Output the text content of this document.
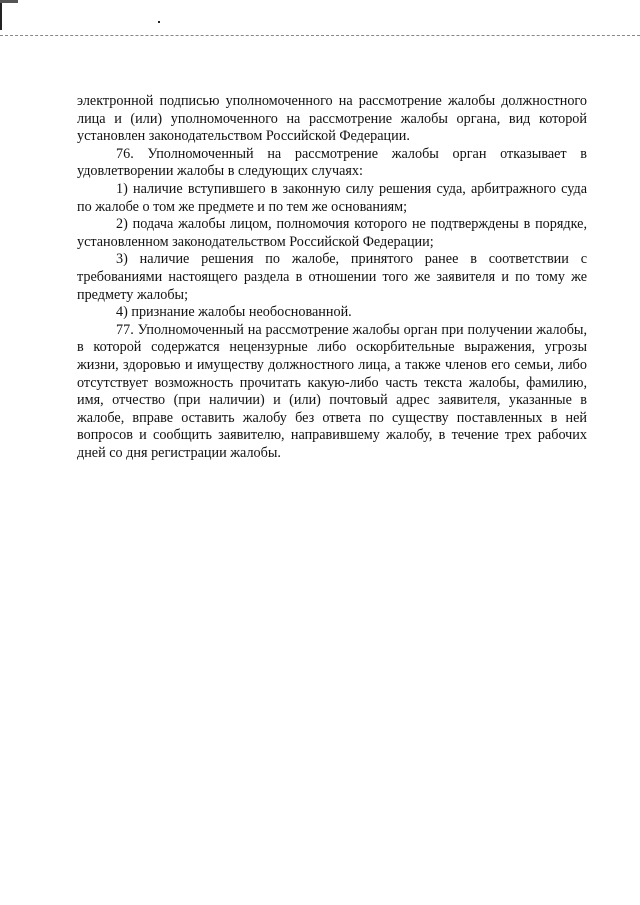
электронной подписью уполномоченного на рассмотрение жалобы должностного лица и (или) уполномоченного на рассмотрение жалобы органа, вид которой установлен законодательством Российской Федерации.

76. Уполномоченный на рассмотрение жалобы орган отказывает в удовлетворении жалобы в следующих случаях:

1) наличие вступившего в законную силу решения суда, арбитражного суда по жалобе о том же предмете и по тем же основаниям;

2) подача жалобы лицом, полномочия которого не подтверждены в порядке, установленном законодательством Российской Федерации;

3) наличие решения по жалобе, принятого ранее в соответствии с требованиями настоящего раздела в отношении того же заявителя и по тому же предмету жалобы;

4) признание жалобы необоснованной.

77. Уполномоченный на рассмотрение жалобы орган при получении жалобы, в которой содержатся нецензурные либо оскорбительные выражения, угрозы жизни, здоровью и имуществу должностного лица, а также членов его семьи, либо отсутствует возможность прочитать какую-либо часть текста жалобы, фамилию, имя, отчество (при наличии) и (или) почтовый адрес заявителя, указанные в жалобе, вправе оставить жалобу без ответа по существу поставленных в ней вопросов и сообщить заявителю, направившему жалобу, в течение трех рабочих дней со дня регистрации жалобы.
